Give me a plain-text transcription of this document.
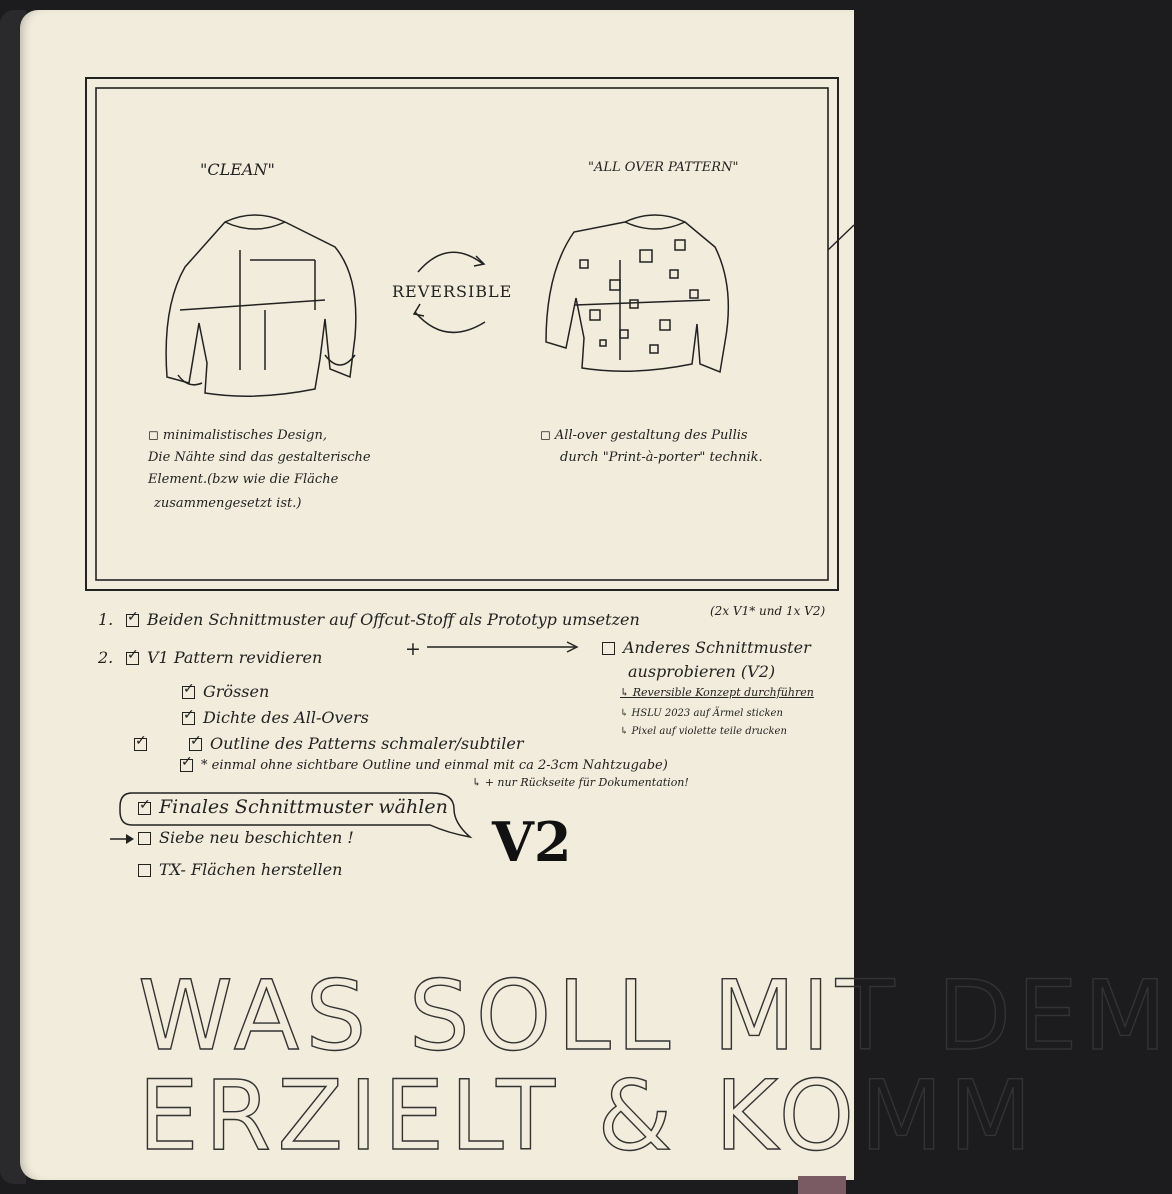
"CLEAN"	"ALL OVER PATTERN"
REVERSIBLE
◻ minimalistisches Design,
Die Nähte sind das gestalterische
Element.(bzw wie die Fläche
zusammengesetzt ist.)
◻ All-over gestaltung des Pullis
durch "Print-à-porter" technik.
1. ✓	Beiden Schnittmuster auf Offcut-Stoff als Prototyp umsetzen	(2x V1* und 1x V2)
2. ✓	V1 Pattern revidieren	+	Anderes Schnittmuster
ausprobieren (V2)
↳ Reversible Konzept durchführen
↳ HSLU 2023 auf Ärmel sticken
↳ Pixel auf violette teile drucken
✓Grössen
✓Dichte des All-Overs
✓✓Outline des Patterns schmaler/subtiler
✓* einmal ohne sichtbare Outline und einmal mit ca 2-3cm Nahtzugabe)
↳ + nur Rückseite für Dokumentation!
✓Finales Schnittmuster wählen
Siebe neu beschichten !
TX- Flächen herstellen	V2
WAS SOLL MIT DEM
ERZIELT & KOMM
